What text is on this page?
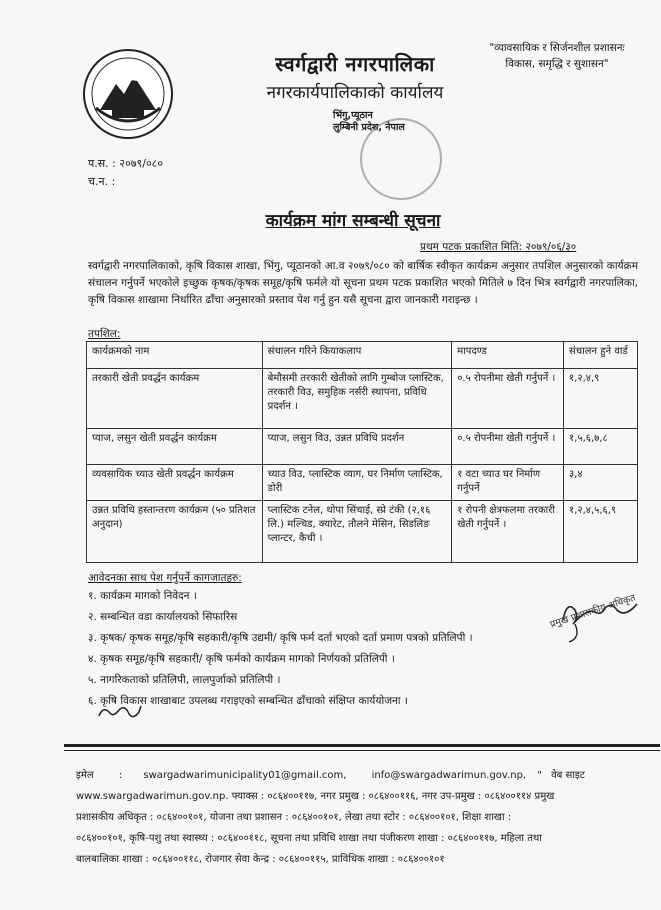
स्वर्गद्वारी नगरपालिका
नगरकार्यपालिकाको कार्यालय
भिंगु,प्यूठान
लुम्बिनी प्रदेश, नेपाल
"व्यावसायिक र सिर्जनशील प्रशासनः
विकास, समृद्धि र सुशासन"
प.स. : २०७९/०८०
च.न. :
कार्यक्रम मांग सम्बन्धी सूचना
प्रथम पटक प्रकाशित मिति: २०७९/०६/३०
स्वर्गद्वारी नगरपालिकाको, कृषि विकास शाखा, भिंगु, प्यूठानको आ.व २०७९/०८० को बार्षिक स्वीकृत कार्यक्रम अनुसार तपशिल अनुसारको कार्यक्रम संचालन गर्नुपर्ने भएकोले इच्छुक कृषक/कृषक समूह/कृषि फर्मले यो सूचना प्रथम पटक प्रकाशित भएको मितिले ७ दिन भित्र स्वर्गद्वारी नगरपालिका, कृषि विकास शाखामा निर्धारित ढाँचा अनुसारको प्रस्ताव पेश गर्नु हुन यसै सूचना द्वारा जानकारी गराइन्छ ।
तपशिल:
कार्यक्रमको नाम	संचालन गरिने कियाकलाप	मापदण्ड	संचालन हुने वार्ड
तरकारी खेती प्रवर्द्धन कार्यक्रम	बेमौसमी तरकारी खेतीको लागि गुम्बोज प्लास्टिक, तरकारी विउ, समुहिक नर्सरी स्थापना, प्रविधि प्रदर्शन ।	०.५ रोपनीमा खेती गर्नुपर्ने ।	१,२,४,९
प्याज, लसुन खेती प्रवर्द्धन कार्यक्रम	प्याज, लसुन विउ, उन्नत प्रविधि प्रदर्शन	०.५ रोपनीमा खेती गर्नुपर्ने ।	१,५,६,७,८
व्यवसायिक च्याउ खेती प्रवर्द्धन कार्यक्रम	च्याउ विउ, प्लास्टिक व्याग, घर निर्माण प्लास्टिक, डोरी	१ वटा च्याउ घर निर्माण गर्नुपर्ने	३,४
उन्नत प्रविधि हस्तान्तरण कार्यक्रम (५० प्रतिशत अनुदान)	प्लास्टिक टनेल, थोपा सिंचाई, स्प्रे टंकी (२,१६ लि.) मल्चिड, क्यारेट, तौलने मेसिन, सिडलिङ प्लान्टर, कैची ।	१ रोपनी क्षेत्रफलमा तरकारी खेती गर्नुपर्ने ।	१,२,४,५,६,९
आवेदनका साथ पेश गर्नुपर्ने कागजातहरु:
१. कार्यक्रम मागको निवेदन ।
२. सम्बन्धित वडा कार्यालयको सिफारिस
३. कृषक/ कृषक समूह/कृषि सहकारी/कृषि उद्यमी/ कृषि फर्म दर्ता भएको दर्ता प्रमाण पत्रको प्रतिलिपी ।
४. कृषक समूह/कृषि सहकारी/ कृषि फर्मको कार्यक्रम मागको निर्णयको प्रतिलिपी ।
५. नागरिकताको प्रतिलिपी, लालपुर्जाको प्रतिलिपी ।
६. कृषि विकास शाखाबाट उपलब्ध गराइएको सम्बन्धित ढाँचाको संक्षिप्त कार्ययोजना ।
प्रमुख प्रशासकीय अधिकृत
इमेल	: swargadwarimunicipality01@gmail.com,	info@swargadwarimun.gov.np, " वेब साइट
www.swargadwarimun.gov.np. फ्याक्स : ०८६४००११७, नगर प्रमुख : ०८६४००११६, नगर उप-प्रमुख : ०८६४००११४ प्रमुख
प्रशासकीय अधिकृत : ०८६४००१०१, योजना तथा प्रशासन : ०८६४००१०१, लेखा तथा स्टोर : ०८६४००१०१, शिक्षा शाखा :
०८६४००१०१, कृषि-पशु तथा स्वास्थ्य : ०८६४००११८, सूचना तथा प्रविधि शाखा तथा पंजीकरण शाखा : ०८६४००११७, महिला तथा
बालबालिका शाखा : ०८६४००११८, रोजगार सेवा केन्द्र : ०८६४००११५, प्राविधिक शाखा : ०८६४००१०१
